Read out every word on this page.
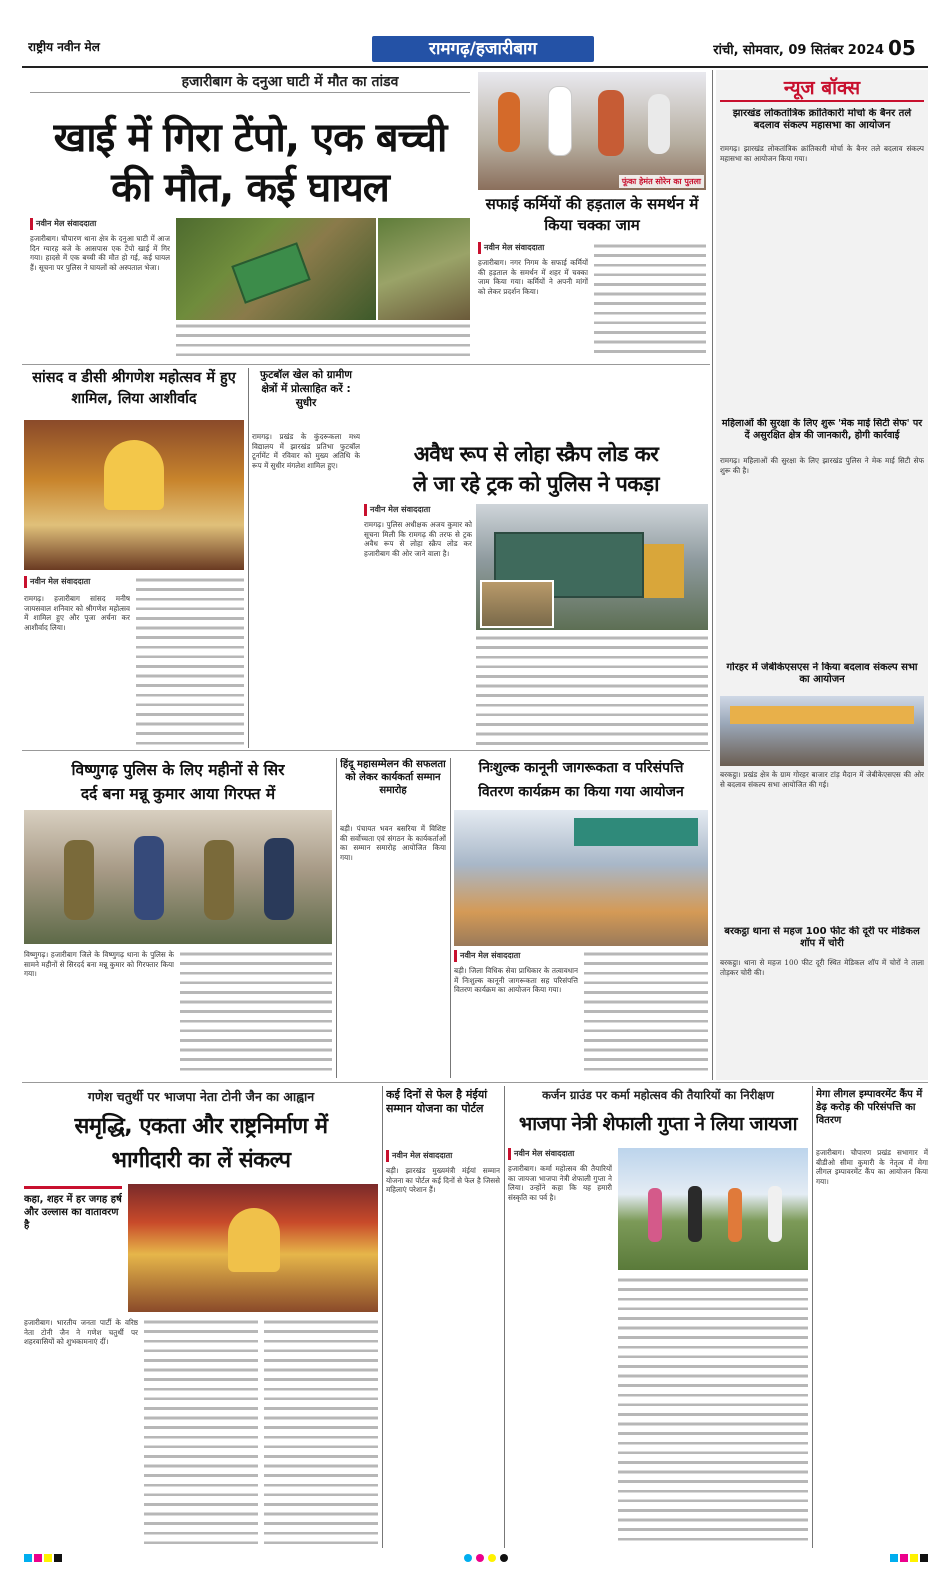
राष्ट्रीय नवीन मेल	रामगढ़/हजारीबाग	रांची, सोमवार, 09 सितंबर 2024 05
हजारीबाग के दनुआ घाटी में मौत का तांडव
खाई में गिरा टेंपो, एक बच्ची
की मौत, कई घायल
नवीन मेल संवाददाता
हजारीबाग। चौपारण थाना क्षेत्र के दनुआ घाटी में आज दिन ग्यारह बजे के आसपास एक टेंपो खाई में गिर गया। हादसे में एक बच्ची की मौत हो गई, कई घायल हैं। सूचना पर पुलिस ने घायलों को अस्पताल भेजा।
फूंका हेमंत सोरेन का पुतला
सफाई कर्मियों की हड़ताल के समर्थन में किया चक्का जाम
नवीन मेल संवाददाता
हजारीबाग। नगर निगम के सफाई कर्मियों की हड़ताल के समर्थन में शहर में चक्का जाम किया गया। कर्मियों ने अपनी मांगों को लेकर प्रदर्शन किया।
न्यूज बॉक्स
झारखंड लोकतांत्रिक क्रांतिकारी मोर्चा के बैनर तले बदलाव संकल्प महासभा का आयोजन
रामगढ़। झारखंड लोकतांत्रिक क्रांतिकारी मोर्चा के बैनर तले बदलाव संकल्प महासभा का आयोजन किया गया।
महिलाओं की सुरक्षा के लिए शुरू 'मेक माई सिटी सेफ' पर दें असुरक्षित क्षेत्र की जानकारी, होगी कार्रवाई
रामगढ़। महिलाओं की सुरक्षा के लिए झारखंड पुलिस ने मेक माई सिटी सेफ शुरू की है।
गोरहर में जेबीकेएसएस ने किया बदलाव संकल्प सभा का आयोजन
बरकट्ठा। प्रखंड क्षेत्र के ग्राम गोरहर बाजार टांड़ मैदान में जेबीकेएसएस की ओर से बदलाव संकल्प सभा आयोजित की गई।
बरकट्ठा थाना से महज 100 फीट की दूरी पर मेडिकल शॉप में चोरी
बरकट्ठा। थाना से महज 100 फीट दूरी स्थित मेडिकल शॉप में चोरों ने ताला तोड़कर चोरी की।
सांसद व डीसी श्रीगणेश महोत्सव में हुए शामिल, लिया आशीर्वाद
नवीन मेल संवाददाता
रामगढ़। हजारीबाग सांसद मनीष जायसवाल शनिवार को श्रीगणेश महोत्सव में शामिल हुए और पूजा अर्चना कर आशीर्वाद लिया।
फुटबॉल खेल को ग्रामीण क्षेत्रों में प्रोत्साहित करें : सुधीर
रामगढ़। प्रखंड के कुंदरूकला मध्य विद्यालय में झारखंड प्रतिभा फुटबॉल टूर्नामेंट में रविवार को मुख्य अतिथि के रूप में सुधीर मंगलेश शामिल हुए।	अवैध रूप से लोहा स्क्रैप लोड कर
ले जा रहे ट्रक को पुलिस ने पकड़ा
नवीन मेल संवाददाता
रामगढ़। पुलिस अधीक्षक अजय कुमार को सूचना मिली कि रामगढ़ की तरफ से ट्रक अवैध रूप से लोहा स्क्रैप लोड कर हजारीबाग की ओर जाने वाला है।
विष्णुगढ़ पुलिस के लिए महीनों से सिर
दर्द बना मन्नू कुमार आया गिरफ्त में
विष्णुगढ़। हजारीबाग जिले के विष्णुगढ़ थाना के पुलिस के सामने महीनों से सिरदर्द बना मन्नू कुमार को गिरफ्तार किया गया।
हिंदू महासम्मेलन की सफलता को लेकर कार्यकर्ता सम्मान समारोह
बड़ी। पंचायत भवन बसरिया में विशिष्ट की सर्वोच्चता एवं संगठन के कार्यकर्ताओं का सम्मान समारोह आयोजित किया गया।
निःशुल्क कानूनी जागरूकता व परिसंपत्ति
वितरण कार्यक्रम का किया गया आयोजन
नवीन मेल संवाददाता
बड़ी। जिला विधिक सेवा प्राधिकार के तत्वावधान में निःशुल्क कानूनी जागरूकता सह परिसंपत्ति वितरण कार्यक्रम का आयोजन किया गया।
गणेश चतुर्थी पर भाजपा नेता टोनी जैन का आह्वान
समृद्धि, एकता और राष्ट्रनिर्माण में
भागीदारी का लें संकल्प
कहा, शहर में हर जगह हर्ष और उल्लास का वातावरण है
हजारीबाग। भारतीय जनता पार्टी के वरिष्ठ नेता टोनी जैन ने गणेश चतुर्थी पर शहरवासियों को शुभकामनाएं दीं।
कई दिनों से फेल है मंईयां सम्मान योजना का पोर्टल
नवीन मेल संवाददाता
बड़ी। झारखंड मुख्यमंत्री मंईयां सम्मान योजना का पोर्टल कई दिनों से फेल है जिससे महिलाएं परेशान हैं।
कर्जन ग्राउंड पर कर्मा महोत्सव की तैयारियों का निरीक्षण
भाजपा नेत्री शेफाली गुप्ता ने लिया जायजा
नवीन मेल संवाददाता
हजारीबाग। कर्मा महोत्सव की तैयारियों का जायजा भाजपा नेत्री शेफाली गुप्ता ने लिया। उन्होंने कहा कि यह हमारी संस्कृति का पर्व है।
मेगा लीगल इम्पावरमेंट कैंप में डेढ़ करोड़ की परिसंपत्ति का वितरण
हजारीबाग। चौपारण प्रखंड सभागार में बीडीओ सीमा कुमारी के नेतृत्व में मेगा लीगल इम्पावरमेंट कैंप का आयोजन किया गया।
